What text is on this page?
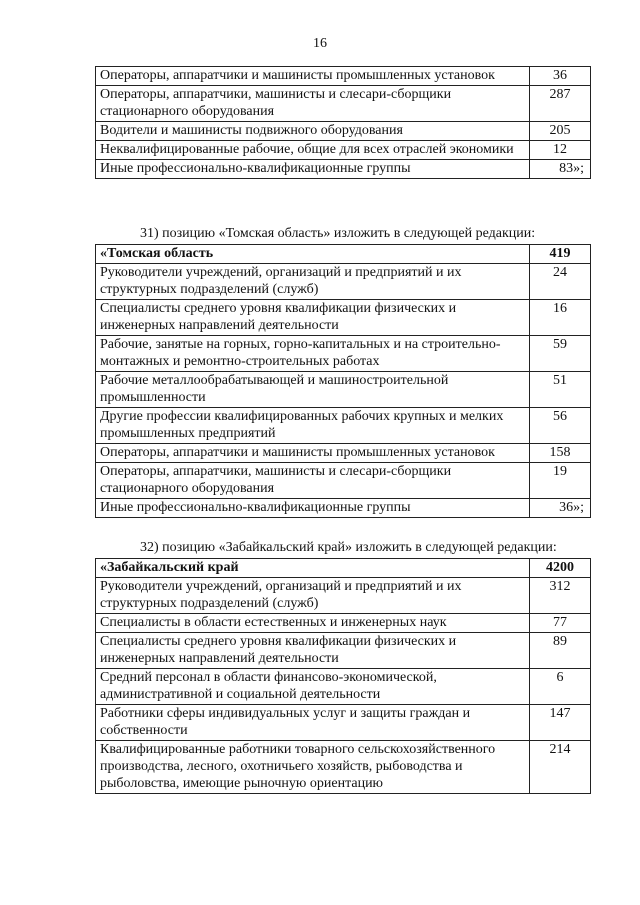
16
Операторы, аппаратчики и машинисты промышленных установок	36
Операторы, аппаратчики, машинисты и слесари-сборщики стационарного оборудования	287
Водители и машинисты подвижного оборудования	205
Неквалифицированные рабочие, общие для всех отраслей экономики	12
Иные профессионально-квалификационные группы	83»;
31) позицию «Томская область» изложить в следующей редакции:
«Томская область	419
Руководители учреждений, организаций и предприятий и их структурных подразделений (служб)	24
Специалисты среднего уровня квалификации физических и инженерных направлений деятельности	16
Рабочие, занятые на горных, горно-капитальных и на строительно-монтажных и ремонтно-строительных работах	59
Рабочие металлообрабатывающей и машиностроительной промышленности	51
Другие профессии квалифицированных рабочих крупных и мелких промышленных предприятий	56
Операторы, аппаратчики и машинисты промышленных установок	158
Операторы, аппаратчики, машинисты и слесари-сборщики стационарного оборудования	19
Иные профессионально-квалификационные группы	36»;
32) позицию «Забайкальский край» изложить в следующей редакции:
«Забайкальский край	4200
Руководители учреждений, организаций и предприятий и их структурных подразделений (служб)	312
Специалисты в области естественных и инженерных наук	77
Специалисты среднего уровня квалификации физических и инженерных направлений деятельности	89
Средний персонал в области финансово-экономической, административной и социальной деятельности	6
Работники сферы индивидуальных услуг и защиты граждан и собственности	147
Квалифицированные работники товарного сельскохозяйственного производства, лесного, охотничьего хозяйств, рыбоводства и рыболовства, имеющие рыночную ориентацию	214
